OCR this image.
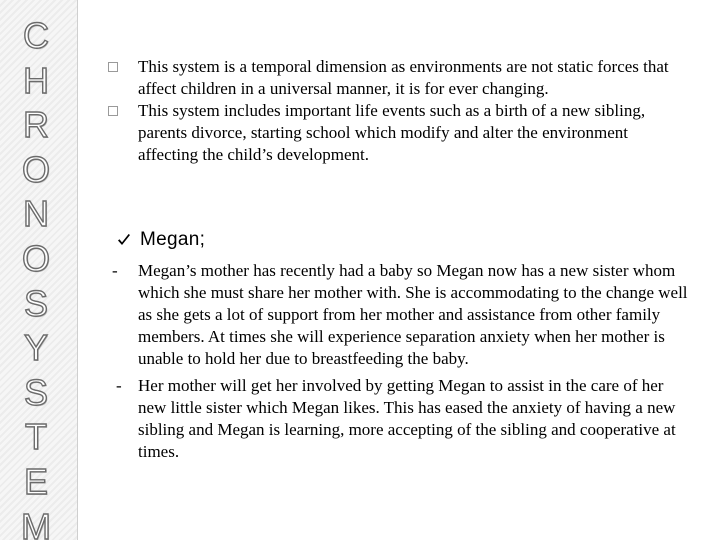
C
H
R
O
N
O
S
Y
S
T
E
M
This system is a temporal dimension as environments are not static forces that affect children in a universal manner, it is for ever changing.
This system includes important life events such as a birth of a new sibling, parents divorce, starting school which modify and alter the environment affecting the child’s development.
Megan;
- Megan’s mother has recently had a baby so Megan now has a new sister whom which she must share her mother with. She is accommodating to the change well as she gets a lot of support from her mother and assistance from other family members. At times she will experience separation anxiety when her mother is unable to hold her due to breastfeeding the baby.
- Her mother will get her involved by getting Megan to assist in the care of her new little sister which Megan likes. This has eased the anxiety of having a new sibling and Megan is learning, more accepting of the sibling and cooperative at times.
